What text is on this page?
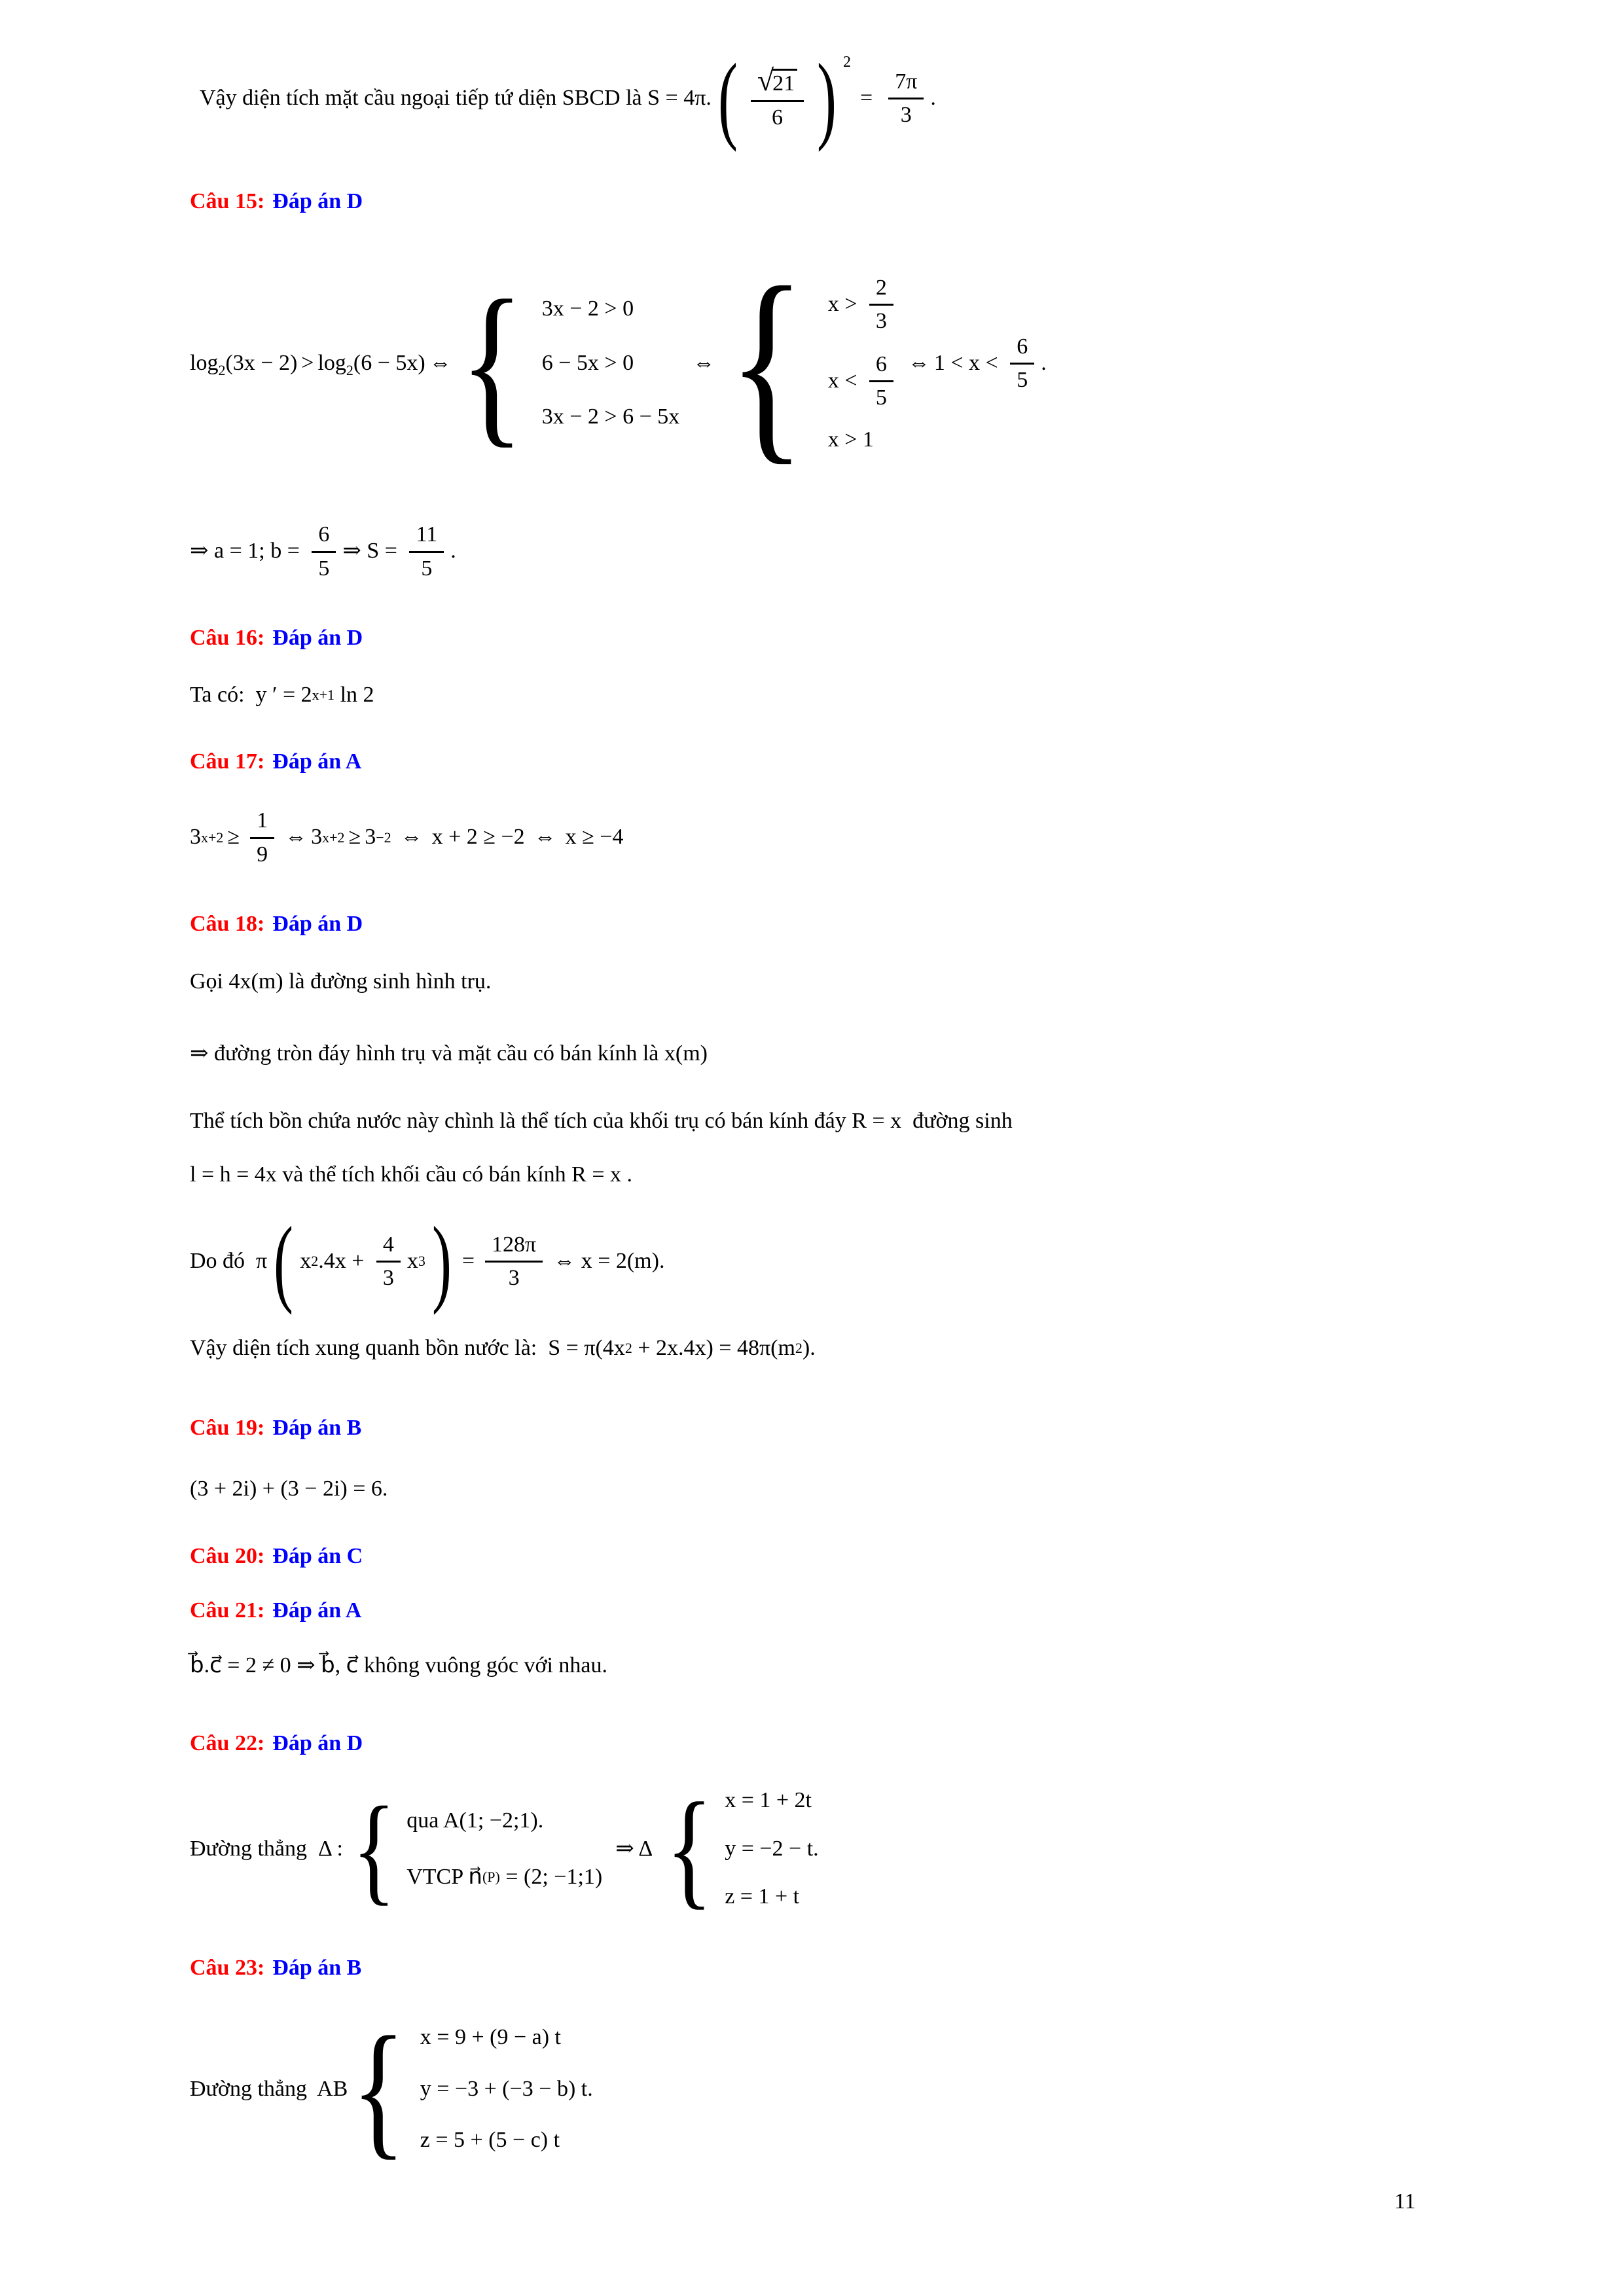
Vậy diện tích mặt cầu ngoại tiếp tứ diện SBCD là S = 4π. ( $\frac{√21}{6}$ ) 2
= $\frac{7\pi}{3}$ .
Câu 15: Đáp án D
$\log_2(3x - 2) > \log_2(6 - 5x)$ ⇔ { 3x − 2 > 0
6 − 5x > 0
3x − 2 > 6 − 5x
⇔ { $x > \frac{2}{3}$
$x < \frac{6}{5}$
x > 1
⇔ $1 < x < \frac{6}{5}$ .
⇒ a = 1; $b = \frac{6}{5}$ ⇒ $S = \frac{11}{5}$ .
Câu 16: Đáp án D
Ta có:  y ′ = 2 x+1 ln 2
Câu 17: Đáp án A
3 $x+2 \ge \frac{1}{9}$ ⇔ 3 x+2 ≥ 3 −2 ⇔ x + 2 ≥ −2 ⇔ x ≥ −4
Câu 18: Đáp án D
Gọi 4x(m) là đường sinh hình trụ.
⇒ đường tròn đáy hình trụ và mặt cầu có bán kính là x(m)
Thể tích bồn chứa nước này chình là thể tích của khối trụ có bán kính đáy R = x  đường sinh
l = h = 4x và thể tích khối cầu có bán kính R = x .
Do đó  π ( x 2 $.4x + \frac{4}{3}$ x 3 ) = $\frac{128\pi}{3}$ ⇔ x = 2(m).
Vậy diện tích xung quanh bồn nước là:  S = π(4x 2 + 2x.4x) = 48π(m 2 ).
Câu 19: Đáp án B
(3 + 2i) + (3 − 2i) = 6.
Câu 20: Đáp án C
Câu 21: Đáp án A
b⃗.c⃗ = 2 ≠ 0 ⇒ b⃗, c⃗ không vuông góc với nhau.
Câu 22: Đáp án D
Đường thẳng  Δ : { qua A(1; −2;1).
VTCP n⃗ (P) = (2; −1;1)
⇒ Δ { x = 1 + 2t
y = −2 − t.
z = 1 + t
Câu 23: Đáp án B
Đường thẳng  AB { x = 9 + (9 − a) t
y = −3 + (−3 − b) t.
z = 5 + (5 − c) t
11
